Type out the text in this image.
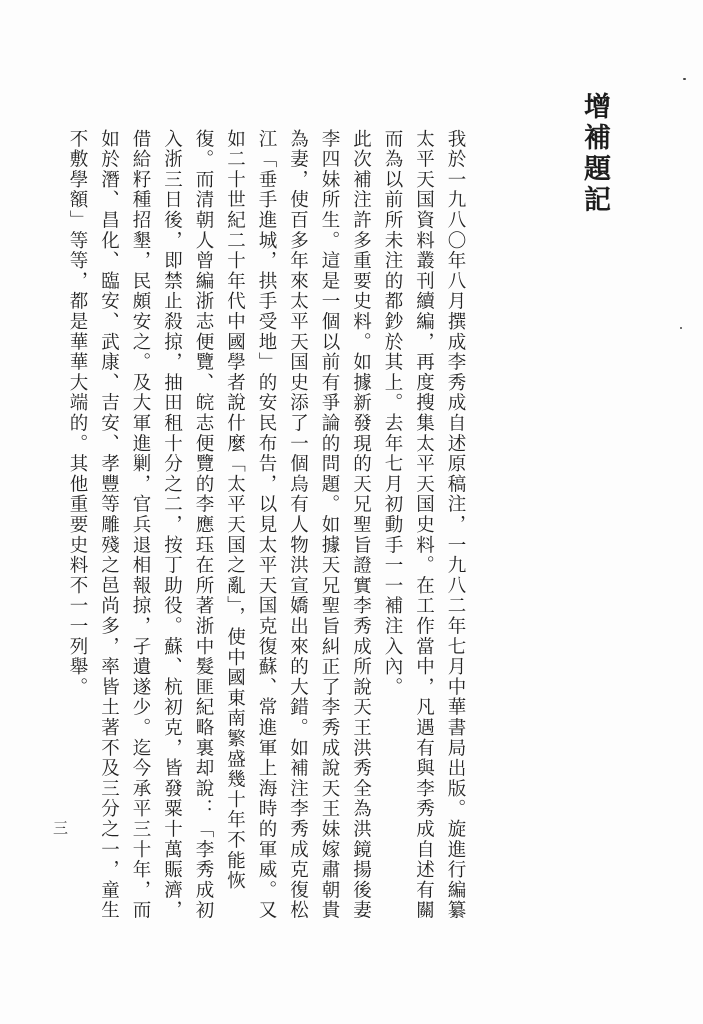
增補題記

我於一九八〇年八月撰成李秀成自述原稿注，一九八二年七月中華書局出版。旋進行編纂太平天国資料叢刊續編，再度搜集太平天国史料。在工作當中，凡遇有與李秀成自述有關而為以前所未注的都鈔於其上。去年七月初動手一一補注入內。

此次補注許多重要史料。如據新發現的天兄聖旨證實李秀成所說天王洪秀全為洪鏡揚後妻李四妹所生。這是一個以前有爭論的問題。如據天兄聖旨糾正了李秀成說天王妹嫁肅朝貴為妻，使百多年來太平天国史添了一個烏有人物洪宣嬌出來的大錯。如補注李秀成克復松江「垂手進城，拱手受地」的安民布告，以見太平天国克復蘇、常進軍上海時的軍威。又如二十世紀二十年代中國學者說什麼「太平天国之亂」，使中國東南繁盛幾十年不能恢復。而清朝人曾編浙志便覽、皖志便覽的李應珏在所著浙中髮匪紀略裏却說：「李秀成初入浙三日後，即禁止殺掠，抽田租十分之二，按丁助役。蘇、杭初克，皆發粟十萬賑濟，借給籽種招墾，民頗安之。及大軍進剿，官兵退相報掠，孑遺遂少。迄今承平三十年，而如於潛、昌化、臨安、武康、吉安、孝豐等雕殘之邑尚多，率皆土著不及三分之一，童生不敷學額」等等，都是華華大端的。其他重要史料不一一列舉。

三
